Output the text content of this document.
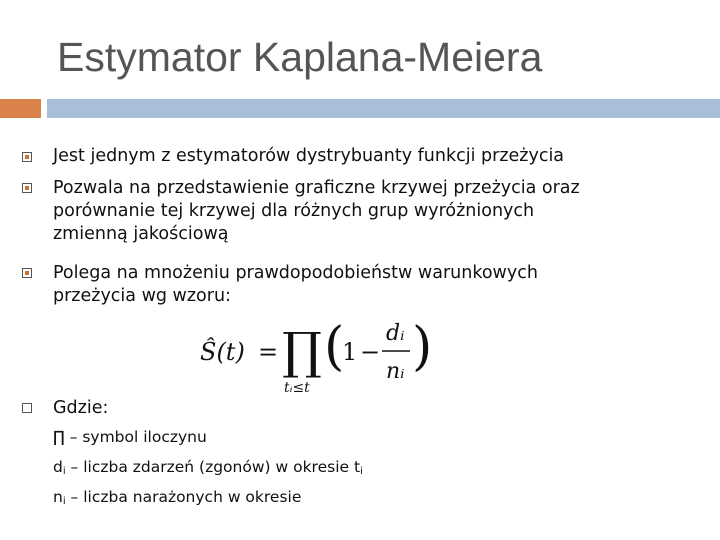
Estymator Kaplana-Meiera
Jest jednym z estymatorów dystrybuanty funkcji przeżycia
Pozwala na przedstawienie graficzne krzywej przeżycia oraz
porównanie tej krzywej dla różnych grup wyróżnionych
zmienną jakościową
Polega na mnożeniu prawdopodobieństw warunkowych
przeżycia wg wzoru:
Ŝ(t) = ∏
tᵢ≤t
(
1 −
dᵢ
nᵢ )
Gdzie:
∏ – symbol iloczynu
di – liczba zdarzeń (zgonów) w okresie ti
ni – liczba narażonych w okresie
